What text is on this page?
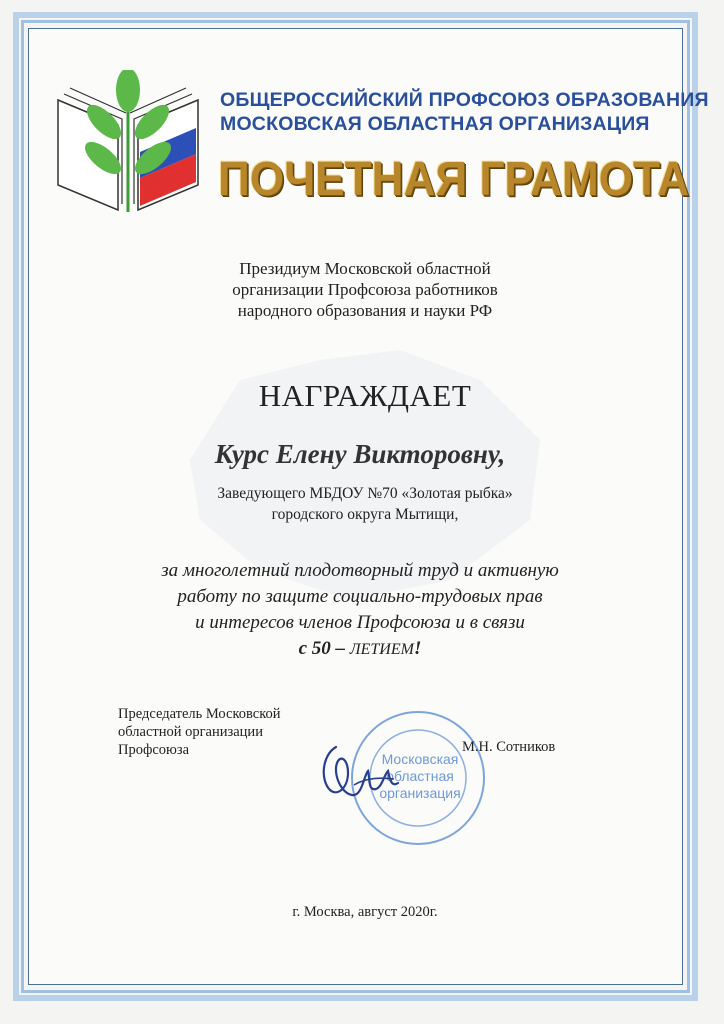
ОБЩЕРОССИЙСКИЙ ПРОФСОЮЗ ОБРАЗОВАНИЯ
МОСКОВСКАЯ ОБЛАСТНАЯ ОРГАНИЗАЦИЯ
ПОЧЕТНАЯ ГРАМОТА
Президиум Московской областной
организации Профсоюза работников
народного образования и науки РФ
НАГРАЖДАЕТ
Курс Елену Викторовну,
Заведующего МБДОУ №70 «Золотая рыбка»
городского округа Мытищи,
за многолетний плодотворный труд и активную
работу по защите социально-трудовых прав
и интересов членов Профсоюза и в связи
с 50 – ЛЕТИЕМ!
Председатель Московской
областной организации
Профсоюза
Московская
областная
организация
М.Н. Сотников
г. Москва, август 2020г.
